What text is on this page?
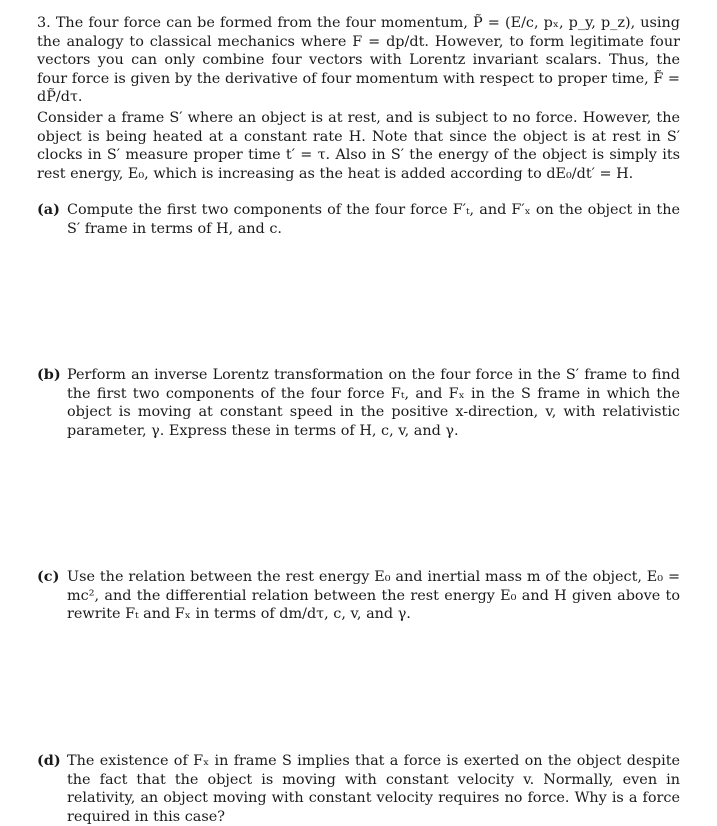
3. The four force can be formed from the four momentum, P̃ = (E/c, pₓ, p_y, p_z), using the analogy to classical mechanics where F = dp/dt. However, to form legitimate four vectors you can only combine four vectors with Lorentz invariant scalars. Thus, the four force is given by the derivative of four momentum with respect to proper time, F̃ = dP̃/dτ.

Consider a frame S′ where an object is at rest, and is subject to no force. However, the object is being heated at a constant rate H. Note that since the object is at rest in S′ clocks in S′ measure proper time t′ = τ. Also in S′ the energy of the object is simply its rest energy, E₀, which is increasing as the heat is added according to dE₀/dt′ = H.

(a) Compute the first two components of the four force F′ₜ, and F′ₓ on the object in the S′ frame in terms of H, and c.

(b) Perform an inverse Lorentz transformation on the four force in the S′ frame to find the first two components of the four force Fₜ, and Fₓ in the S frame in which the object is moving at constant speed in the positive x-direction, v, with relativistic parameter, γ. Express these in terms of H, c, v, and γ.

(c) Use the relation between the rest energy E₀ and inertial mass m of the object, E₀ = mc², and the differential relation between the rest energy E₀ and H given above to rewrite Fₜ and Fₓ in terms of dm/dτ, c, v, and γ.

(d) The existence of Fₓ in frame S implies that a force is exerted on the object despite the fact that the object is moving with constant velocity v. Normally, even in relativity, an object moving with constant velocity requires no force. Why is a force required in this case?
